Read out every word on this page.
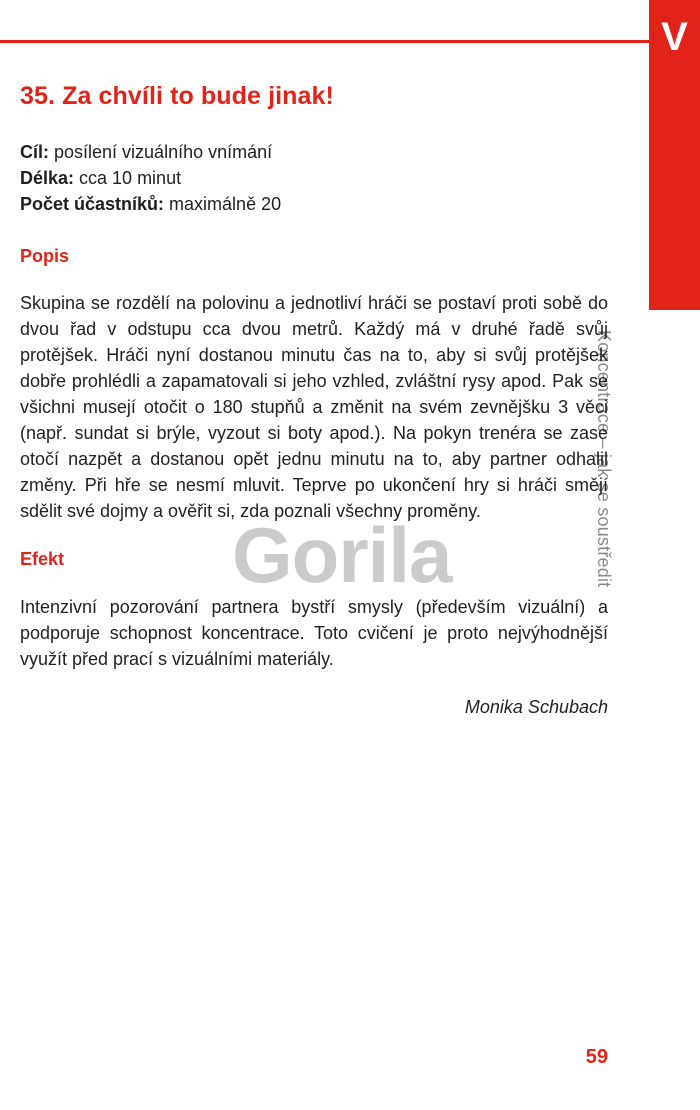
V
Koncentrace – jak se soustředit
35. Za chvíli to bude jinak!
Cíl: posílení vizuálního vnímání
Délka: cca 10 minut
Počet účastníků: maximálně 20
Popis

Skupina se rozdělí na polovinu a jednotliví hráči se postaví proti sobě do dvou řad v odstupu cca dvou metrů. Každý má v druhé řadě svůj protějšek. Hráči nyní dostanou minutu čas na to, aby si svůj protějšek dobře prohlédli a zapamatovali si jeho vzhled, zvláštní rysy apod. Pak se všichni musejí otočit o 180 stupňů a změnit na svém zevnějšku 3 věci (např. sundat si brýle, vyzout si boty apod.). Na pokyn trenéra se zase otočí nazpět a dostanou opět jednu minutu na to, aby partner odhalil změny. Při hře se nesmí mluvit. Teprve po ukončení hry si hráči smějí sdělit své dojmy a ověřit si, zda poznali všechny proměny.

Efekt

Intenzivní pozorování partnera bystří smysly (především vizuální) a podporuje schopnost koncentrace. Toto cvičení je proto nejvýhodnější využít před prací s vizuálními materiály.

Monika Schubach
Gorila
59
